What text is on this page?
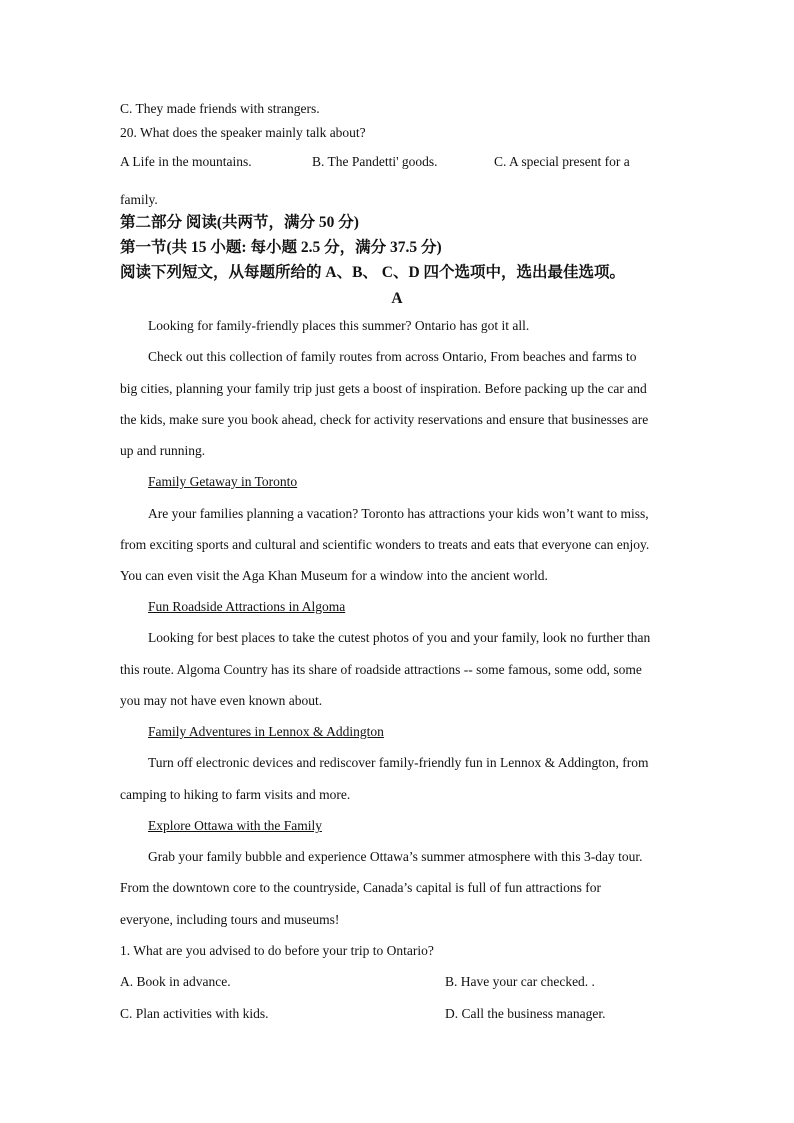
C. They made friends with strangers.
20. What does the speaker mainly talk about?
A Life in the mountains.	B. The Pandetti' goods.	C. A special present for a
family.
第二部分 阅读(共两节，满分 50 分)
第一节(共 15 小题: 每小题 2.5 分，满分 37.5 分)
阅读下列短文，从每题所给的 A、B、 C、D 四个选项中，选出最佳选项。
A
Looking for family-friendly places this summer? Ontario has got it all.
Check out this collection of family routes from across Ontario, From beaches and farms to
big cities, planning your family trip just gets a boost of inspiration. Before packing up the car and
the kids, make sure you book ahead, check for activity reservations and ensure that businesses are
up and running.
Family Getaway in Toronto
Are your families planning a vacation? Toronto has attractions your kids won’t want to miss,
from exciting sports and cultural and scientific wonders to treats and eats that everyone can enjoy.
You can even visit the Aga Khan Museum for a window into the ancient world.
Fun Roadside Attractions in Algoma
Looking for best places to take the cutest photos of you and your family, look no further than
this route. Algoma Country has its share of roadside attractions -- some famous, some odd, some
you may not have even known about.
Family Adventures in Lennox & Addington
Turn off electronic devices and rediscover family-friendly fun in Lennox & Addington, from
camping to hiking to farm visits and more.
Explore Ottawa with the Family
Grab your family bubble and experience Ottawa’s summer atmosphere with this 3-day tour.
From the downtown core to the countryside, Canada’s capital is full of fun attractions for
everyone, including tours and museums!
1. What are you advised to do before your trip to Ontario?
A. Book in advance.	B. Have your car checked. .
C. Plan activities with kids.	D. Call the business manager.
